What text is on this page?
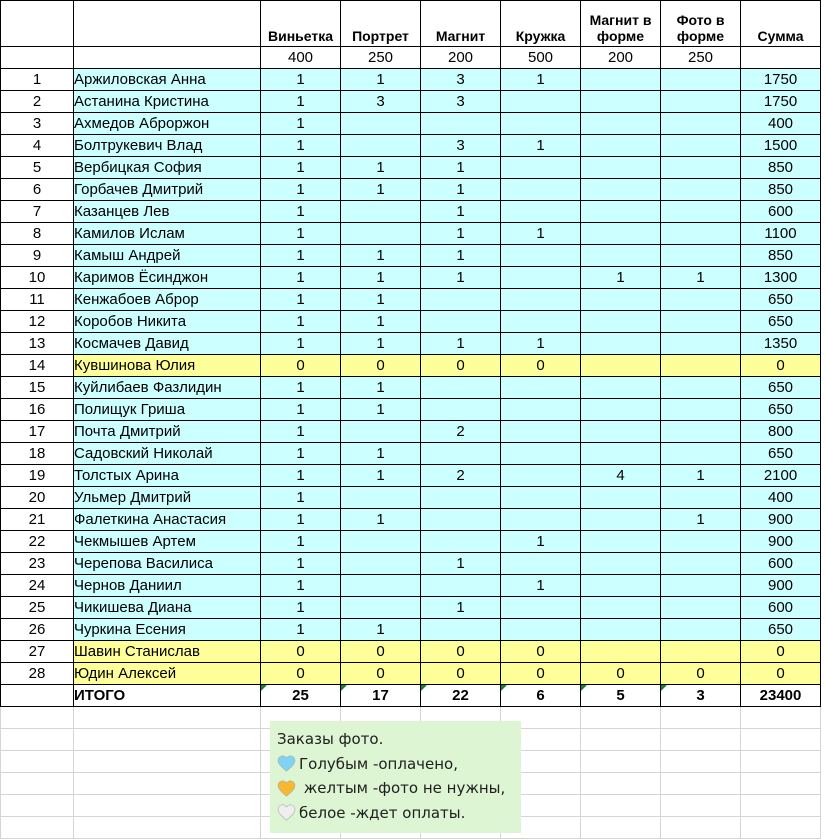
		Виньетка	Портрет	Магнит	Кружка	Магнит в форме	Фото в форме	Сумма
		400	250	200	500	200	250	
1	Аржиловская Анна	1	1	3	1			1750
2	Астанина Кристина	1	3	3				1750
3	Ахмедов Аброржон	1						400
4	Болтрукевич Влад	1		3	1			1500
5	Вербицкая София	1	1	1				850
6	Горбачев Дмитрий	1	1	1				850
7	Казанцев Лев	1		1				600
8	Камилов Ислам	1		1	1			1100
9	Камыш Андрей	1	1	1				850
10	Каримов Ёсинджон	1	1	1		1	1	1300
11	Кенжабоев Аброр	1	1					650
12	Коробов Никита	1	1					650
13	Космачев Давид	1	1	1	1			1350
14	Кувшинова Юлия	0	0	0	0			0
15	Куйлибаев Фазлидин	1	1					650
16	Полищук Гриша	1	1					650
17	Почта Дмитрий	1		2				800
18	Садовский Николай	1	1					650
19	Толстых Арина	1	1	2		4	1	2100
20	Ульмер Дмитрий	1						400
21	Фалеткина Анастасия	1	1				1	900
22	Чекмышев Артем	1			1			900
23	Черепова Василиса	1		1				600
24	Чернов Даниил	1			1			900
25	Чикишева Диана	1		1				600
26	Чуркина Есения	1	1					650
27	Шавин Станислав	0	0	0	0			0
28	Юдин Алексей	0	0	0	0	0	0	0
	ИТОГО	25	17	22	6	5	3	23400

Заказы фото.
Голубым -оплачено,
желтым -фото не нужны,
белое -ждет оплаты.
